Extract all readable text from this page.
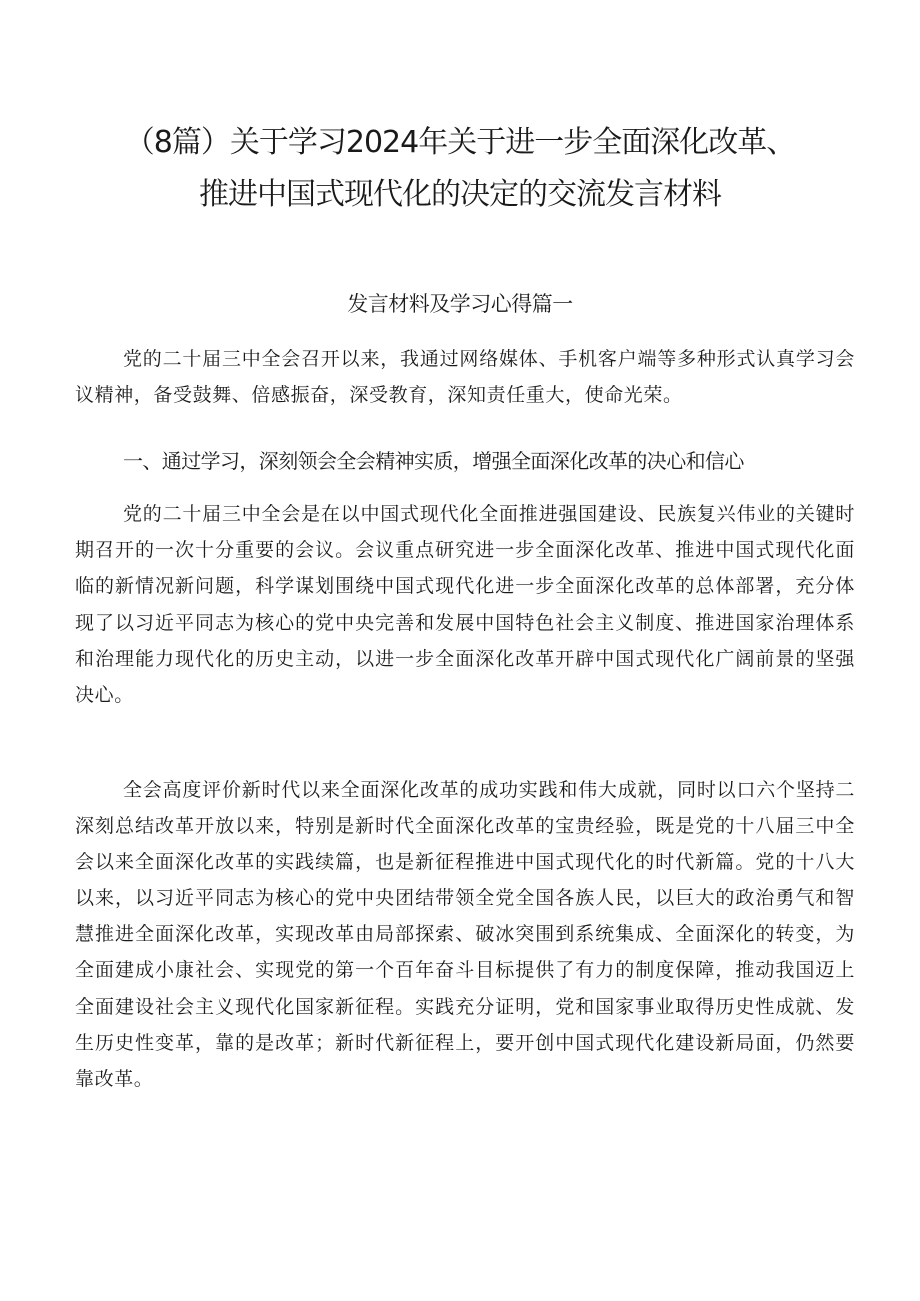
（8篇）关于学习2024年关于进一步全面深化改革、
推进中国式现代化的决定的交流发言材料
发言材料及学习心得篇一

党的二十届三中全会召开以来，我通过网络媒体、手机客户端等多种形式认真学习会议精神，备受鼓舞、倍感振奋，深受教育，深知责任重大，使命光荣。

一、通过学习，深刻领会全会精神实质，增强全面深化改革的决心和信心

党的二十届三中全会是在以中国式现代化全面推进强国建设、民族复兴伟业的关键时期召开的一次十分重要的会议。会议重点研究进一步全面深化改革、推进中国式现代化面临的新情况新问题，科学谋划围绕中国式现代化进一步全面深化改革的总体部署，充分体现了以习近平同志为核心的党中央完善和发展中国特色社会主义制度、推进国家治理体系和治理能力现代化的历史主动，以进一步全面深化改革开辟中国式现代化广阔前景的坚强决心。

全会高度评价新时代以来全面深化改革的成功实践和伟大成就，同时以口六个坚持二深刻总结改革开放以来，特别是新时代全面深化改革的宝贵经验，既是党的十八届三中全会以来全面深化改革的实践续篇，也是新征程推进中国式现代化的时代新篇。党的十八大以来，以习近平同志为核心的党中央团结带领全党全国各族人民，以巨大的政治勇气和智慧推进全面深化改革，实现改革由局部探索、破冰突围到系统集成、全面深化的转变，为全面建成小康社会、实现党的第一个百年奋斗目标提供了有力的制度保障，推动我国迈上全面建设社会主义现代化国家新征程。实践充分证明，党和国家事业取得历史性成就、发生历史性变革，靠的是改革；新时代新征程上，要开创中国式现代化建设新局面，仍然要靠改革。
